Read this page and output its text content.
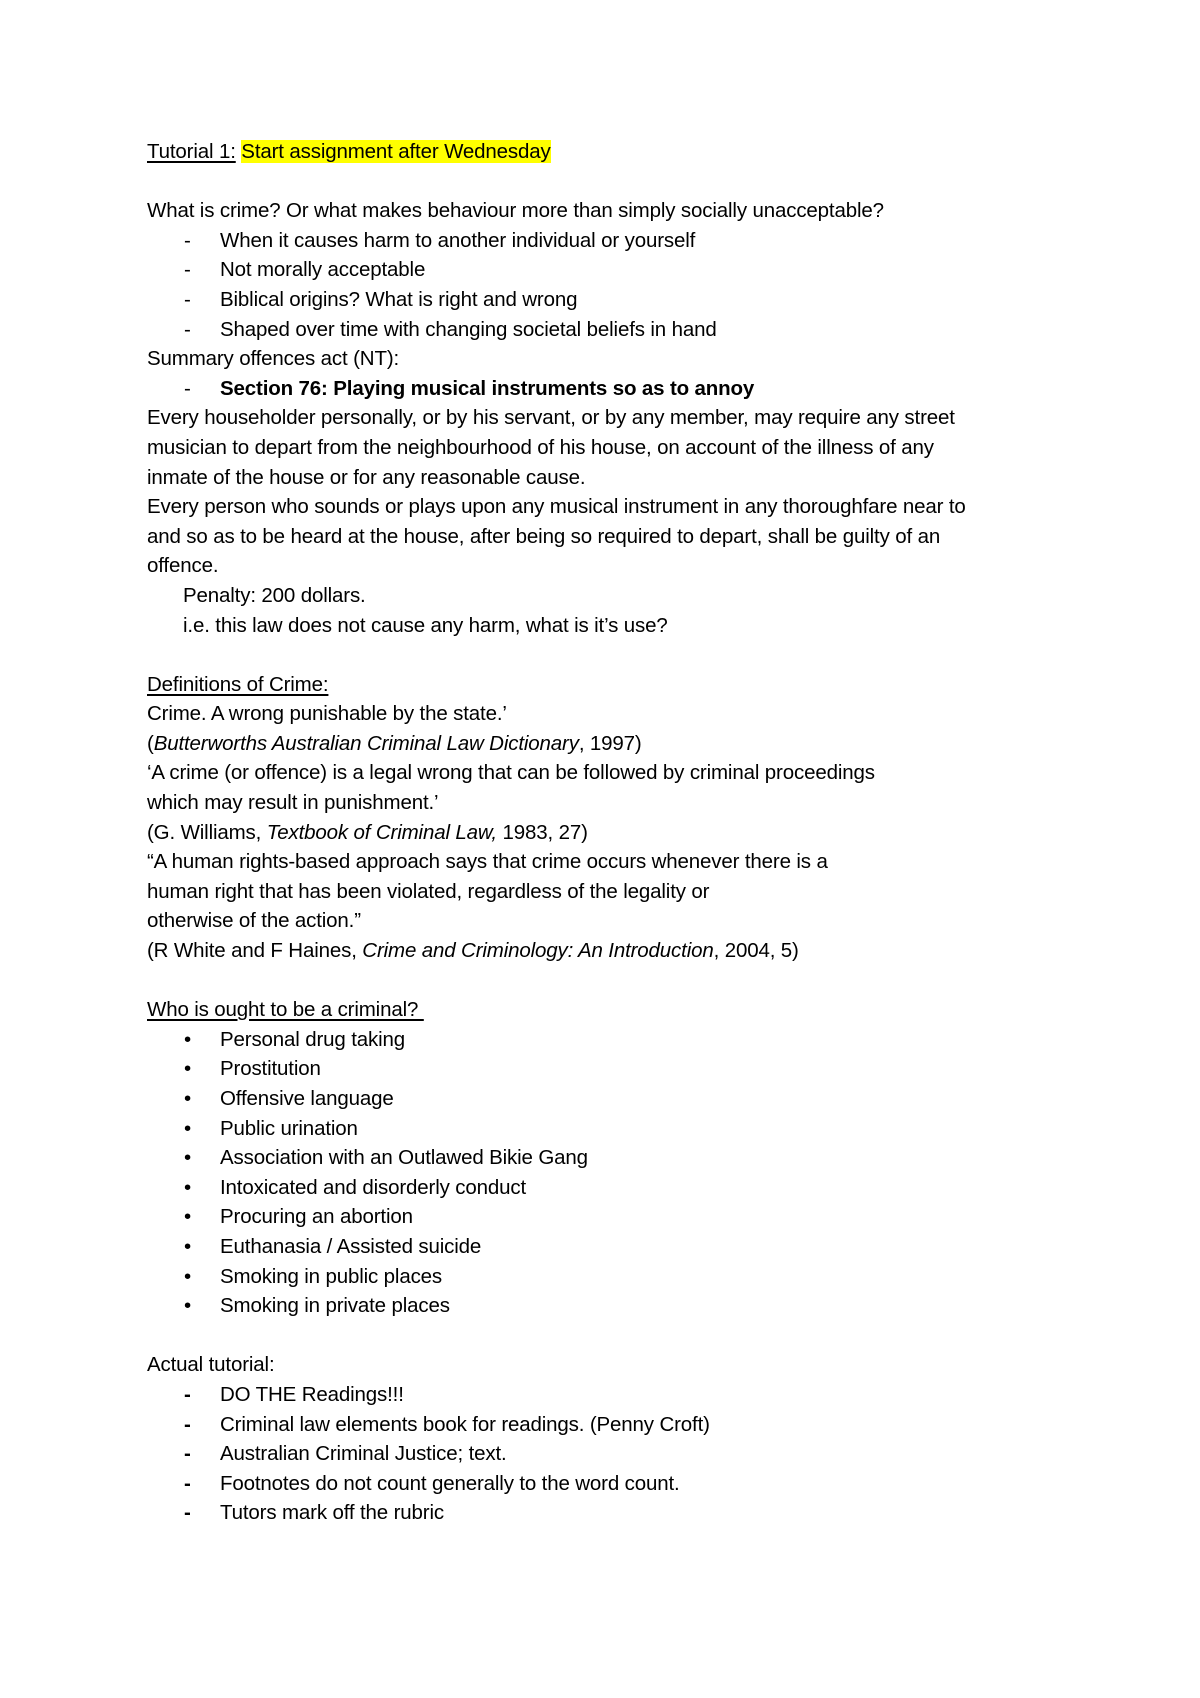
Tutorial 1: Start assignment after Wednesday
What is crime? Or what makes behaviour more than simply socially unacceptable?
- When it causes harm to another individual or yourself
- Not morally acceptable
- Biblical origins? What is right and wrong
- Shaped over time with changing societal beliefs in hand
Summary offences act (NT):
- Section 76: Playing musical instruments so as to annoy
Every householder personally, or by his servant, or by any member, may require any street
musician to depart from the neighbourhood of his house, on account of the illness of any
inmate of the house or for any reasonable cause.
Every person who sounds or plays upon any musical instrument in any thoroughfare near to
and so as to be heard at the house, after being so required to depart, shall be guilty of an
offence.
Penalty: 200 dollars.
i.e. this law does not cause any harm, what is it’s use?
Definitions of Crime:
Crime. A wrong punishable by the state.’
(Butterworths Australian Criminal Law Dictionary, 1997)
‘A crime (or offence) is a legal wrong that can be followed by criminal proceedings
which may result in punishment.’
(G. Williams, Textbook of Criminal Law, 1983, 27)
“A human rights-based approach says that crime occurs whenever there is a
human right that has been violated, regardless of the legality or
otherwise of the action.”
(R White and F Haines, Crime and Criminology: An Introduction, 2004, 5)
Who is ought to be a criminal?
• Personal drug taking
• Prostitution
• Offensive language
• Public urination
• Association with an Outlawed Bikie Gang
• Intoxicated and disorderly conduct
• Procuring an abortion
• Euthanasia / Assisted suicide
• Smoking in public places
• Smoking in private places
Actual tutorial:
- DO THE Readings!!!
- Criminal law elements book for readings. (Penny Croft)
- Australian Criminal Justice; text.
- Footnotes do not count generally to the word count.
- Tutors mark off the rubric
